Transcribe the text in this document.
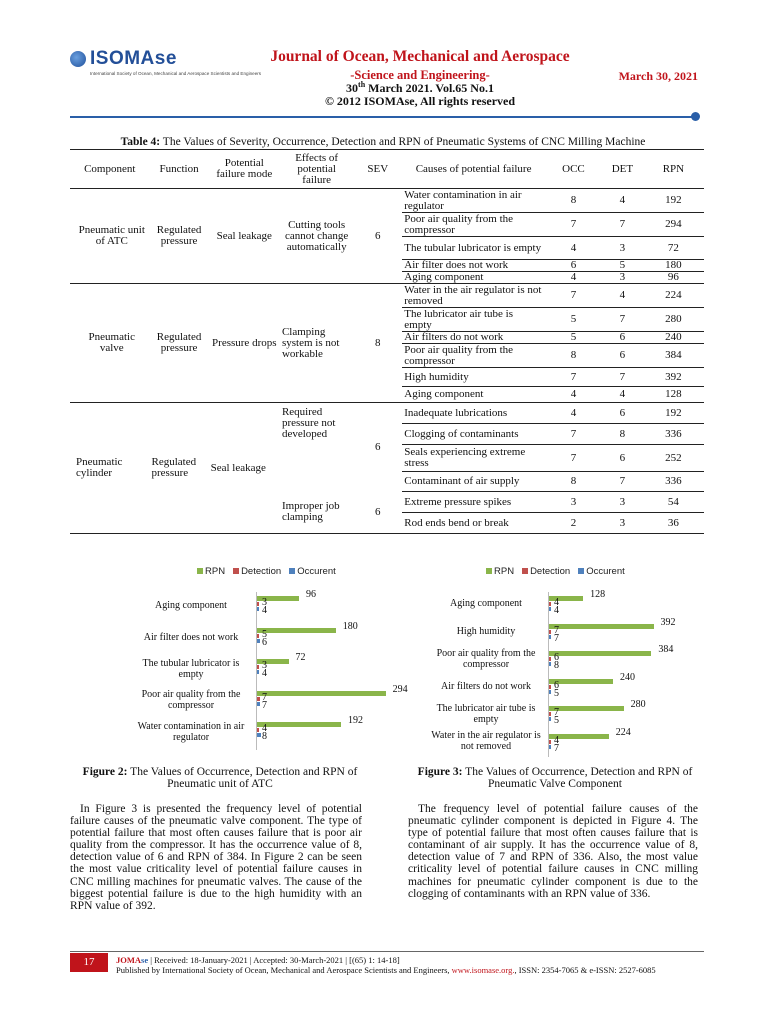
ISOMAse
International Society of Ocean, Mechanical and Aerospace Scientists and Engineers
Journal of Ocean, Mechanical and Aerospace
-Science and Engineering-
30th March 2021. Vol.65 No.1
© 2012 ISOMAse, All rights reserved
March 30, 2021
Table 4: The Values of Severity, Occurrence, Detection and RPN of Pneumatic Systems of CNC Milling Machine
Component	Function	Potential failure mode	Effects of potential failure	SEV	Causes of potential failure	OCC	DET	RPN
Pneumatic unit of ATC	Regulated pressure	Seal leakage	Cutting tools cannot change automatically	6	Water contamination in air regulator	8	4	192
					Poor air quality from the compressor	7	7	294
					The tubular lubricator is empty	4	3	72
					Air filter does not work	6	5	180
					Aging component	4	3	96
Pneumatic valve	Regulated pressure	Pressure drops	Clamping system is not workable	8	Water in the air regulator is not removed	7	4	224
					The lubricator air tube is empty	5	7	280
					Air filters do not work	5	6	240
					Poor air quality from the compressor	8	6	384
					High humidity	7	7	392
					Aging component	4	4	128
Pneumatic cylinder	Regulated pressure	Seal leakage	Required pressure not developed	6	Inadequate lubrications	4	6	192
					Clogging of contaminants	7	8	336
					Seals experiencing extreme stress	7	6	252
					Contaminant of air supply	8	7	336
			Improper job clamping	6	Extreme pressure spikes	3	3	54
					Rod ends bend or break	2	3	36
RPN Detection Occurent
Aging component
96
3
4
Air filter does not work
180
5
6
The tubular lubricator is empty
72
3
4
Poor air quality from the compressor
294
7
7
Water contamination in air regulator
192
4
8
RPN Detection Occurent
Aging component
128
4
4
High humidity
392
7
7
Poor air quality from the compressor
384
6
8
Air filters do not work
240
6
5
The lubricator air tube is empty
280
7
5
Water in the air regulator is not removed
224
4
7
Figure 2: The Values of Occurrence, Detection and RPN of Pneumatic unit of ATC
Figure 3: The Values of Occurrence, Detection and RPN of Pneumatic Valve Component
In Figure 3 is presented the frequency level of potential failure causes of the pneumatic valve component. The type of potential failure that most often causes failure that is poor air quality from the compressor. It has the occurrence value of 8, detection value of 6 and RPN of 384. In Figure 2 can be seen the most value criticality level of potential failure causes in CNC milling machines for pneumatic valves. The cause of the biggest potential failure is due to the high humidity with an RPN value of 392.
The frequency level of potential failure causes of the pneumatic cylinder component is depicted in Figure 4. The type of potential failure that most often causes failure that is contaminant of air supply. It has the occurrence value of 8, detection value of 7 and RPN of 336. Also, the most value criticality level of potential failure causes in CNC milling machines for pneumatic cylinder component is due to the clogging of contaminants with an RPN value of 336.
17	JOMAse | Received: 18-January-2021 | Accepted: 30-March-2021 | [(65) 1: 14-18]
Published by International Society of Ocean, Mechanical and Aerospace Scientists and Engineers, www.isomase.org., ISSN: 2354-7065 & e-ISSN: 2527-6085
